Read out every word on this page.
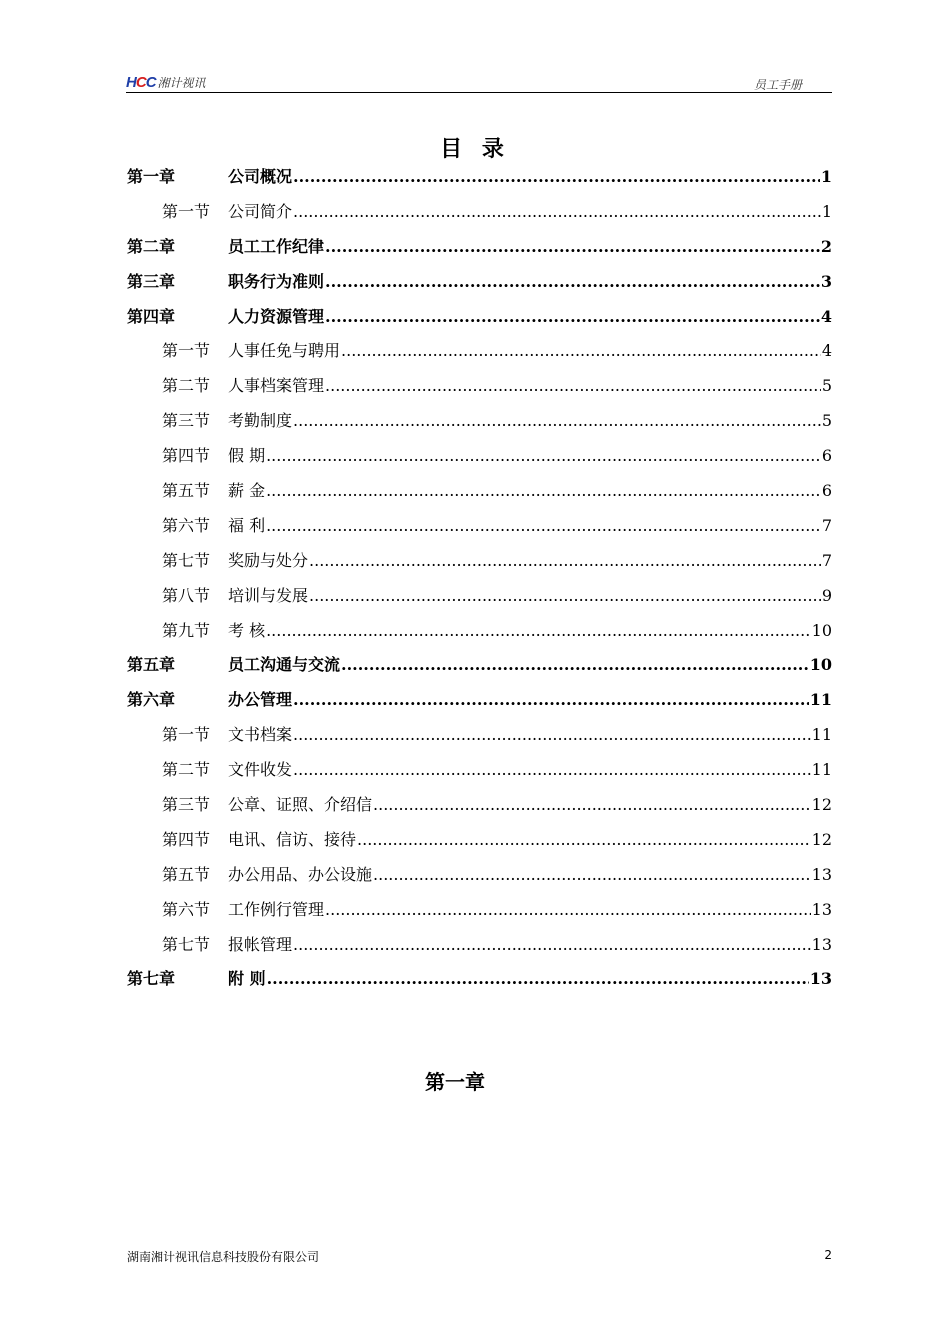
HCC 湘计视讯	员工手册
目 录
第一章	公司概况 .....	1
第一节	公司简介 .....	1
第二章	员工工作纪律 .....	2
第三章	职务行为准则 .....	3
第四章	人力资源管理 .....	4
第一节	人事任免与聘用 .....	4
第二节	人事档案管理 .....	5
第三节	考勤制度 .....	5
第四节	假 期 .....	6
第五节	薪 金 .....	6
第六节	福 利 .....	7
第七节	奖励与处分 .....	7
第八节	培训与发展 .....	9
第九节	考 核 .....	10
第五章	员工沟通与交流 .....	10
第六章	办公管理 .....	11
第一节	文书档案 .....	11
第二节	文件收发 .....	11
第三节	公章、证照、介绍信 .....	12
第四节	电讯、信访、接待 .....	12
第五节	办公用品、办公设施 .....	13
第六节	工作例行管理 .....	13
第七节	报帐管理 .....	13
第七章	附 则 .....	13
第一章
湖南湘计视讯信息科技股份有限公司	2
